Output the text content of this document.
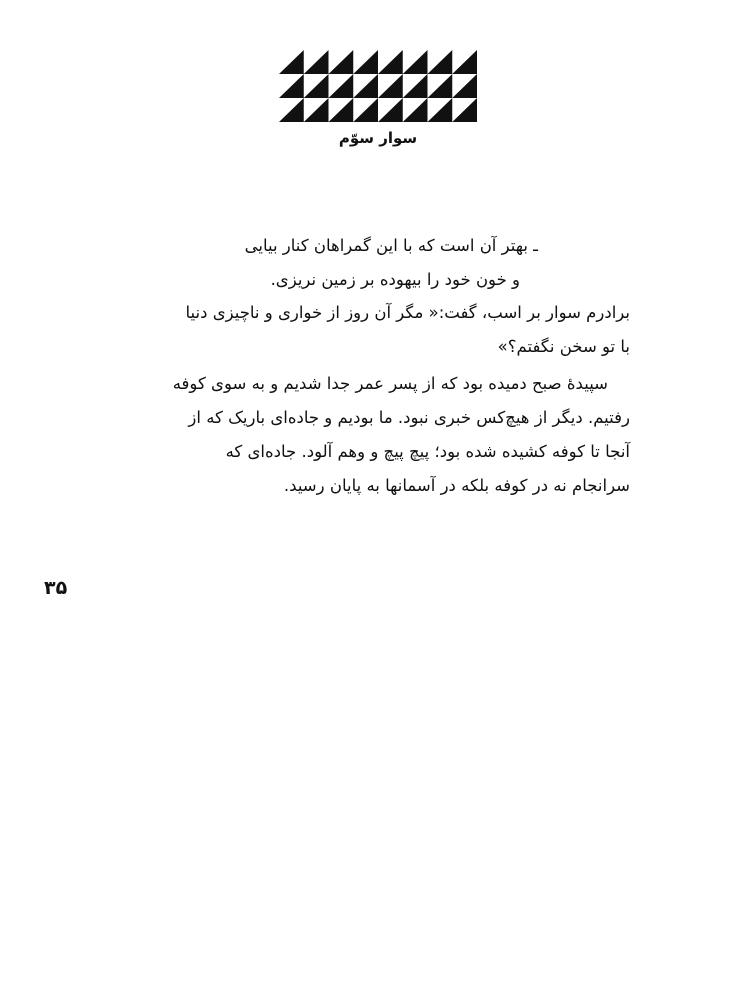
سوار سوّم
ـ بهتر آن است که با این گمراهان کنار بیایی
و خون خود را بیهوده بر زمین نریزی.
برادرم سوار بر اسب، گفت:« مگر آن روز از خواری و ناچیزی دنیا
با تو سخن نگفتم؟»
سپیدهٔ صبح دمیده بود که از پسر عمر جدا شدیم و به سوی کوفه
رفتیم. دیگر از هیچ‌کس خبری نبود. ما بودیم و جاده‌ای باریک که از
آنجا تا کوفه کشیده شده بود؛ پیچ پیچ و وهم آلود. جاده‌ای که
سرانجام نه در کوفه بلکه در آسمانها به پایان رسید.
۳۵
